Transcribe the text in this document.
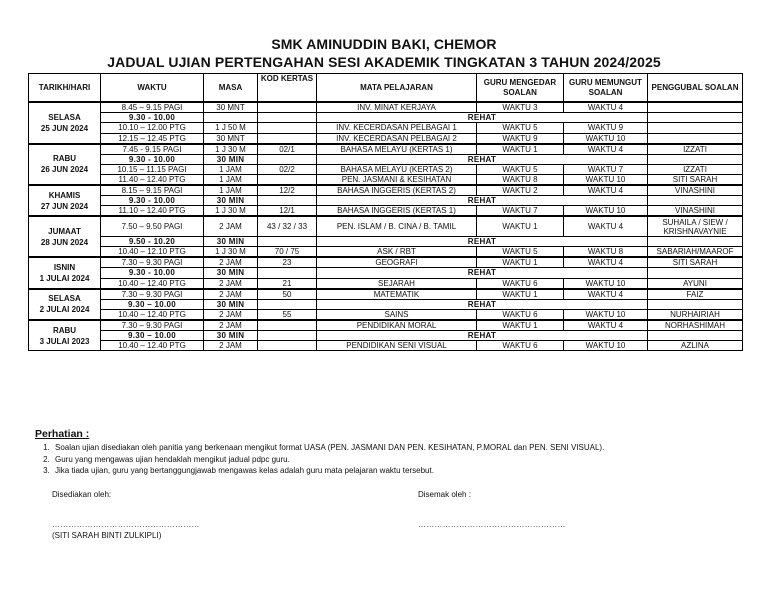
SMK AMINUDDIN BAKI, CHEMOR
JADUAL UJIAN PERTENGAHAN SESI AKADEMIK TINGKATAN 3 TAHUN 2024/2025
TARIKH/HARI	WAKTU	MASA	KOD KERTAS	MATA PELAJARAN	GURU MENGEDAR SOALAN	GURU MEMUNGUT SOALAN	PENGGUBAL SOALAN

SELASA
25 JUN 2024	8.45 – 9.15 PAGI	30 MNT		INV. MINAT KERJAYA	WAKTU 3	WAKTU 4	
	9.30 - 10.00			REHAT			
	10.10 – 12.00 PTG	1 J 50 M		INV. KECERDASAN PELBAGAI 1	WAKTU 5	WAKTU 9	
	12.15 – 12.45 PTG	30 MNT		INV. KECERDASAN PELBAGAI 2	WAKTU 9	WAKTU 10	

RABU
26 JUN 2024	7.45 - 9.15 PAGI	1 J 30 M	02/1	BAHASA MELAYU (KERTAS 1)	WAKTU 1	WAKTU 4	IZZATI
	9.30 - 10.00	30 MIN		REHAT			
	10.15 – 11.15 PAGI	1 JAM	02/2	BAHASA MELAYU (KERTAS 2)	WAKTU 5	WAKTU 7	IZZATI
	11.40 – 12.40 PTG	1 JAM		PEN. JASMANI & KESIHATAN	WAKTU 8	WAKTU 10	SITI SARAH

KHAMIS
27 JUN 2024	8.15 – 9.15 PAGI	1 JAM	12/2	BAHASA INGGERIS (KERTAS 2)	WAKTU 2	WAKTU 4	VINASHINI
	9.30 - 10.00	30 MIN		REHAT			
	11.10 – 12.40 PTG	1 J 30 M	12/1	BAHASA INGGERIS (KERTAS 1)	WAKTU 7	WAKTU 10	VINASHINI

JUMAAT
28 JUN 2024	7.50 – 9.50 PAGI	2 JAM	43 / 32 / 33	PEN. ISLAM / B. CINA / B. TAMIL	WAKTU 1	WAKTU 4	SUHAILA / SIEW / KRISHNAVAYNIE
	9.50 - 10.20	30 MIN		REHAT			
	10.40 – 12.10 PTG	1 J 30 M	70 / 75	ASK / RBT	WAKTU 5	WAKTU 8	SABARIAH/MAAROF

ISNIN
1 JULAI 2024	7.30 – 9.30 PAGI	2 JAM	23	GEOGRAFI	WAKTU 1	WAKTU 4	SITI SARAH
	9.30 - 10.00	30 MIN		REHAT			
	10.40 – 12.40 PTG	2 JAM	21	SEJARAH	WAKTU 6	WAKTU 10	AYUNI

SELASA
2 JULAI 2024	7.30 – 9.30 PAGI	2 JAM	50	MATEMATIK	WAKTU 1	WAKTU 4	FAIZ
	9.30 – 10.00	30 MIN		REHAT			
	10.40 – 12.40 PTG	2 JAM	55	SAINS	WAKTU 6	WAKTU 10	NURHAIRIAH

RABU
3 JULAI 2023	7.30 – 9.30 PAGI	2 JAM		PENDIDIKAN MORAL	WAKTU 1	WAKTU 4	NORHASHIMAH
	9.30 – 10.00	30 MIN		REHAT			
	10.40 – 12.40 PTG	2 JAM		PENDIDIKAN SENI VISUAL	WAKTU 6	WAKTU 10	AZLINA
Perhatian :
1. Soalan ujian disediakan oleh panitia yang berkenaan mengikut format UASA (PEN. JASMANI DAN PEN. KESIHATAN, P.MORAL dan PEN. SENI VISUAL).
2. Guru yang mengawas ujian hendaklah mengikut jadual pdpc guru.
3. Jika tiada ujian, guru yang bertanggungjawab mengawas kelas adalah guru mata pelajaran waktu tersebut.
Disediakan oleh:	Disemak oleh :
………………………………………………	………………………………………………
(SITI SARAH BINTI ZULKIPLI)
